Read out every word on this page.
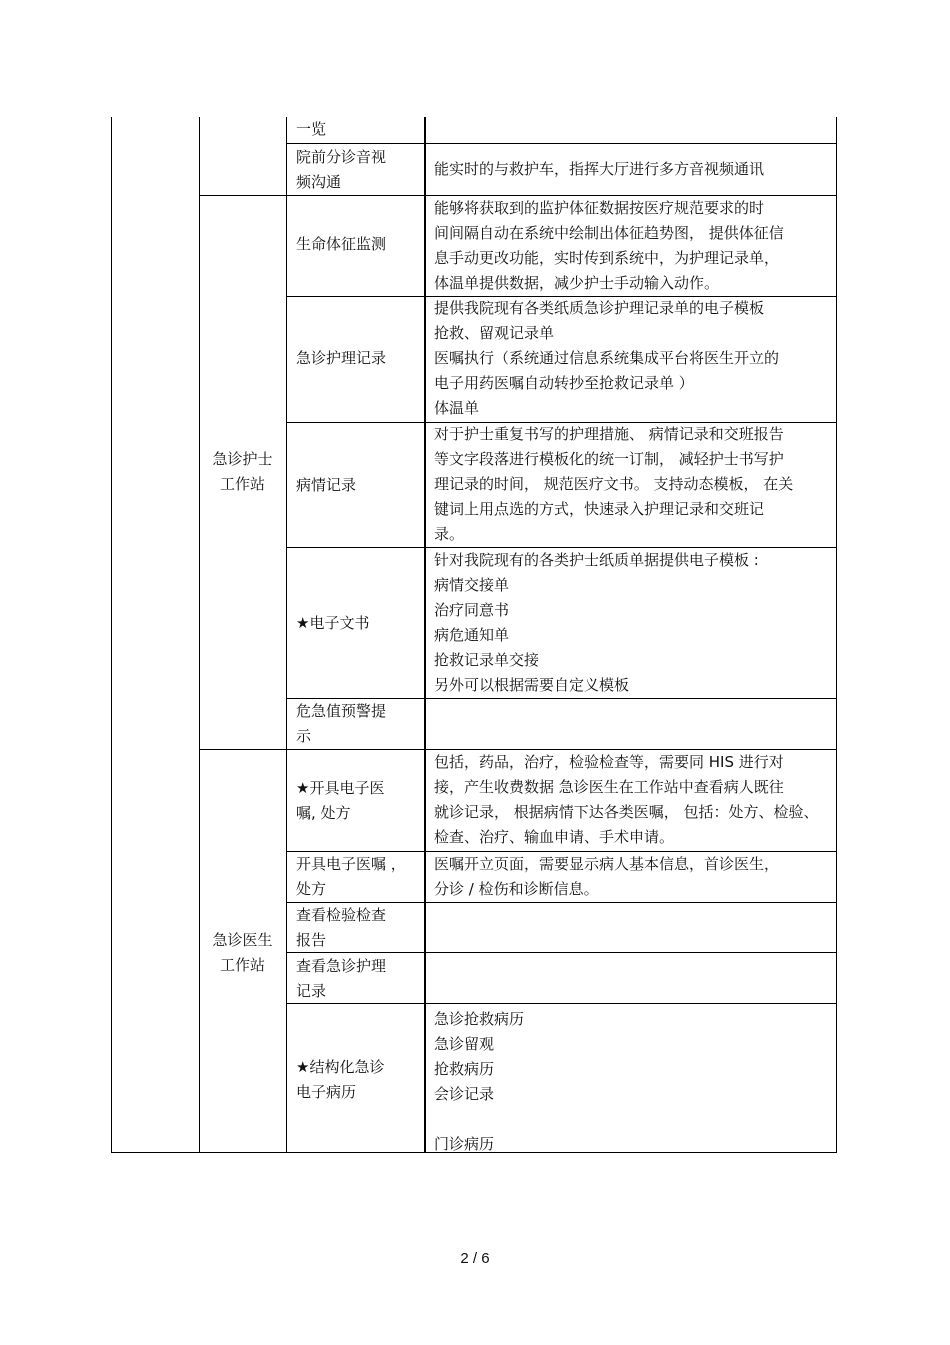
急诊护士
工作站
急诊医生
工作站
一览
院前分诊音视
频沟通
能实时的与救护车，指挥大厅进行多方音视频通讯
生命体征监测
能够将获取到的监护体征数据按医疗规范要求的时
间间隔自动在系统中绘制出体征趋势图， 提供体征信
息手动更改功能，实时传到系统中，为护理记录单，
体温单提供数据，减少护士手动输入动作。
急诊护理记录
提供我院现有各类纸质急诊护理记录单的电子模板
抢救、留观记录单
医嘱执行（系统通过信息系统集成平台将医生开立的
电子用药医嘱自动转抄至抢救记录单 ）
体温单
病情记录
对于护士重复书写的护理措施、 病情记录和交班报告
等文字段落进行模板化的统一订制， 减轻护士书写护
理记录的时间， 规范医疗文书。 支持动态模板， 在关
键词上用点选的方式，快速录入护理记录和交班记
录。
★电子文书
针对我院现有的各类护士纸质单据提供电子模板 :
病情交接单
治疗同意书
病危通知单
抢救记录单交接
另外可以根据需要自定义模板
危急值预警提
示
★开具电子医
嘱, 处方
包括，药品，治疗，检验检查等，需要同 HIS 进行对
接，产生收费数据 急诊医生在工作站中查看病人既往
就诊记录， 根据病情下达各类医嘱， 包括：处方、检验、
检查、治疗、输血申请、手术申请。
开具电子医嘱 ，
处方
医嘱开立页面，需要显示病人基本信息，首诊医生，
分诊 / 检伤和诊断信息。
查看检验检查
报告
查看急诊护理
记录
★结构化急诊
电子病历
急诊抢救病历
急诊留观
抢救病历
会诊记录
门诊病历
2 / 6
